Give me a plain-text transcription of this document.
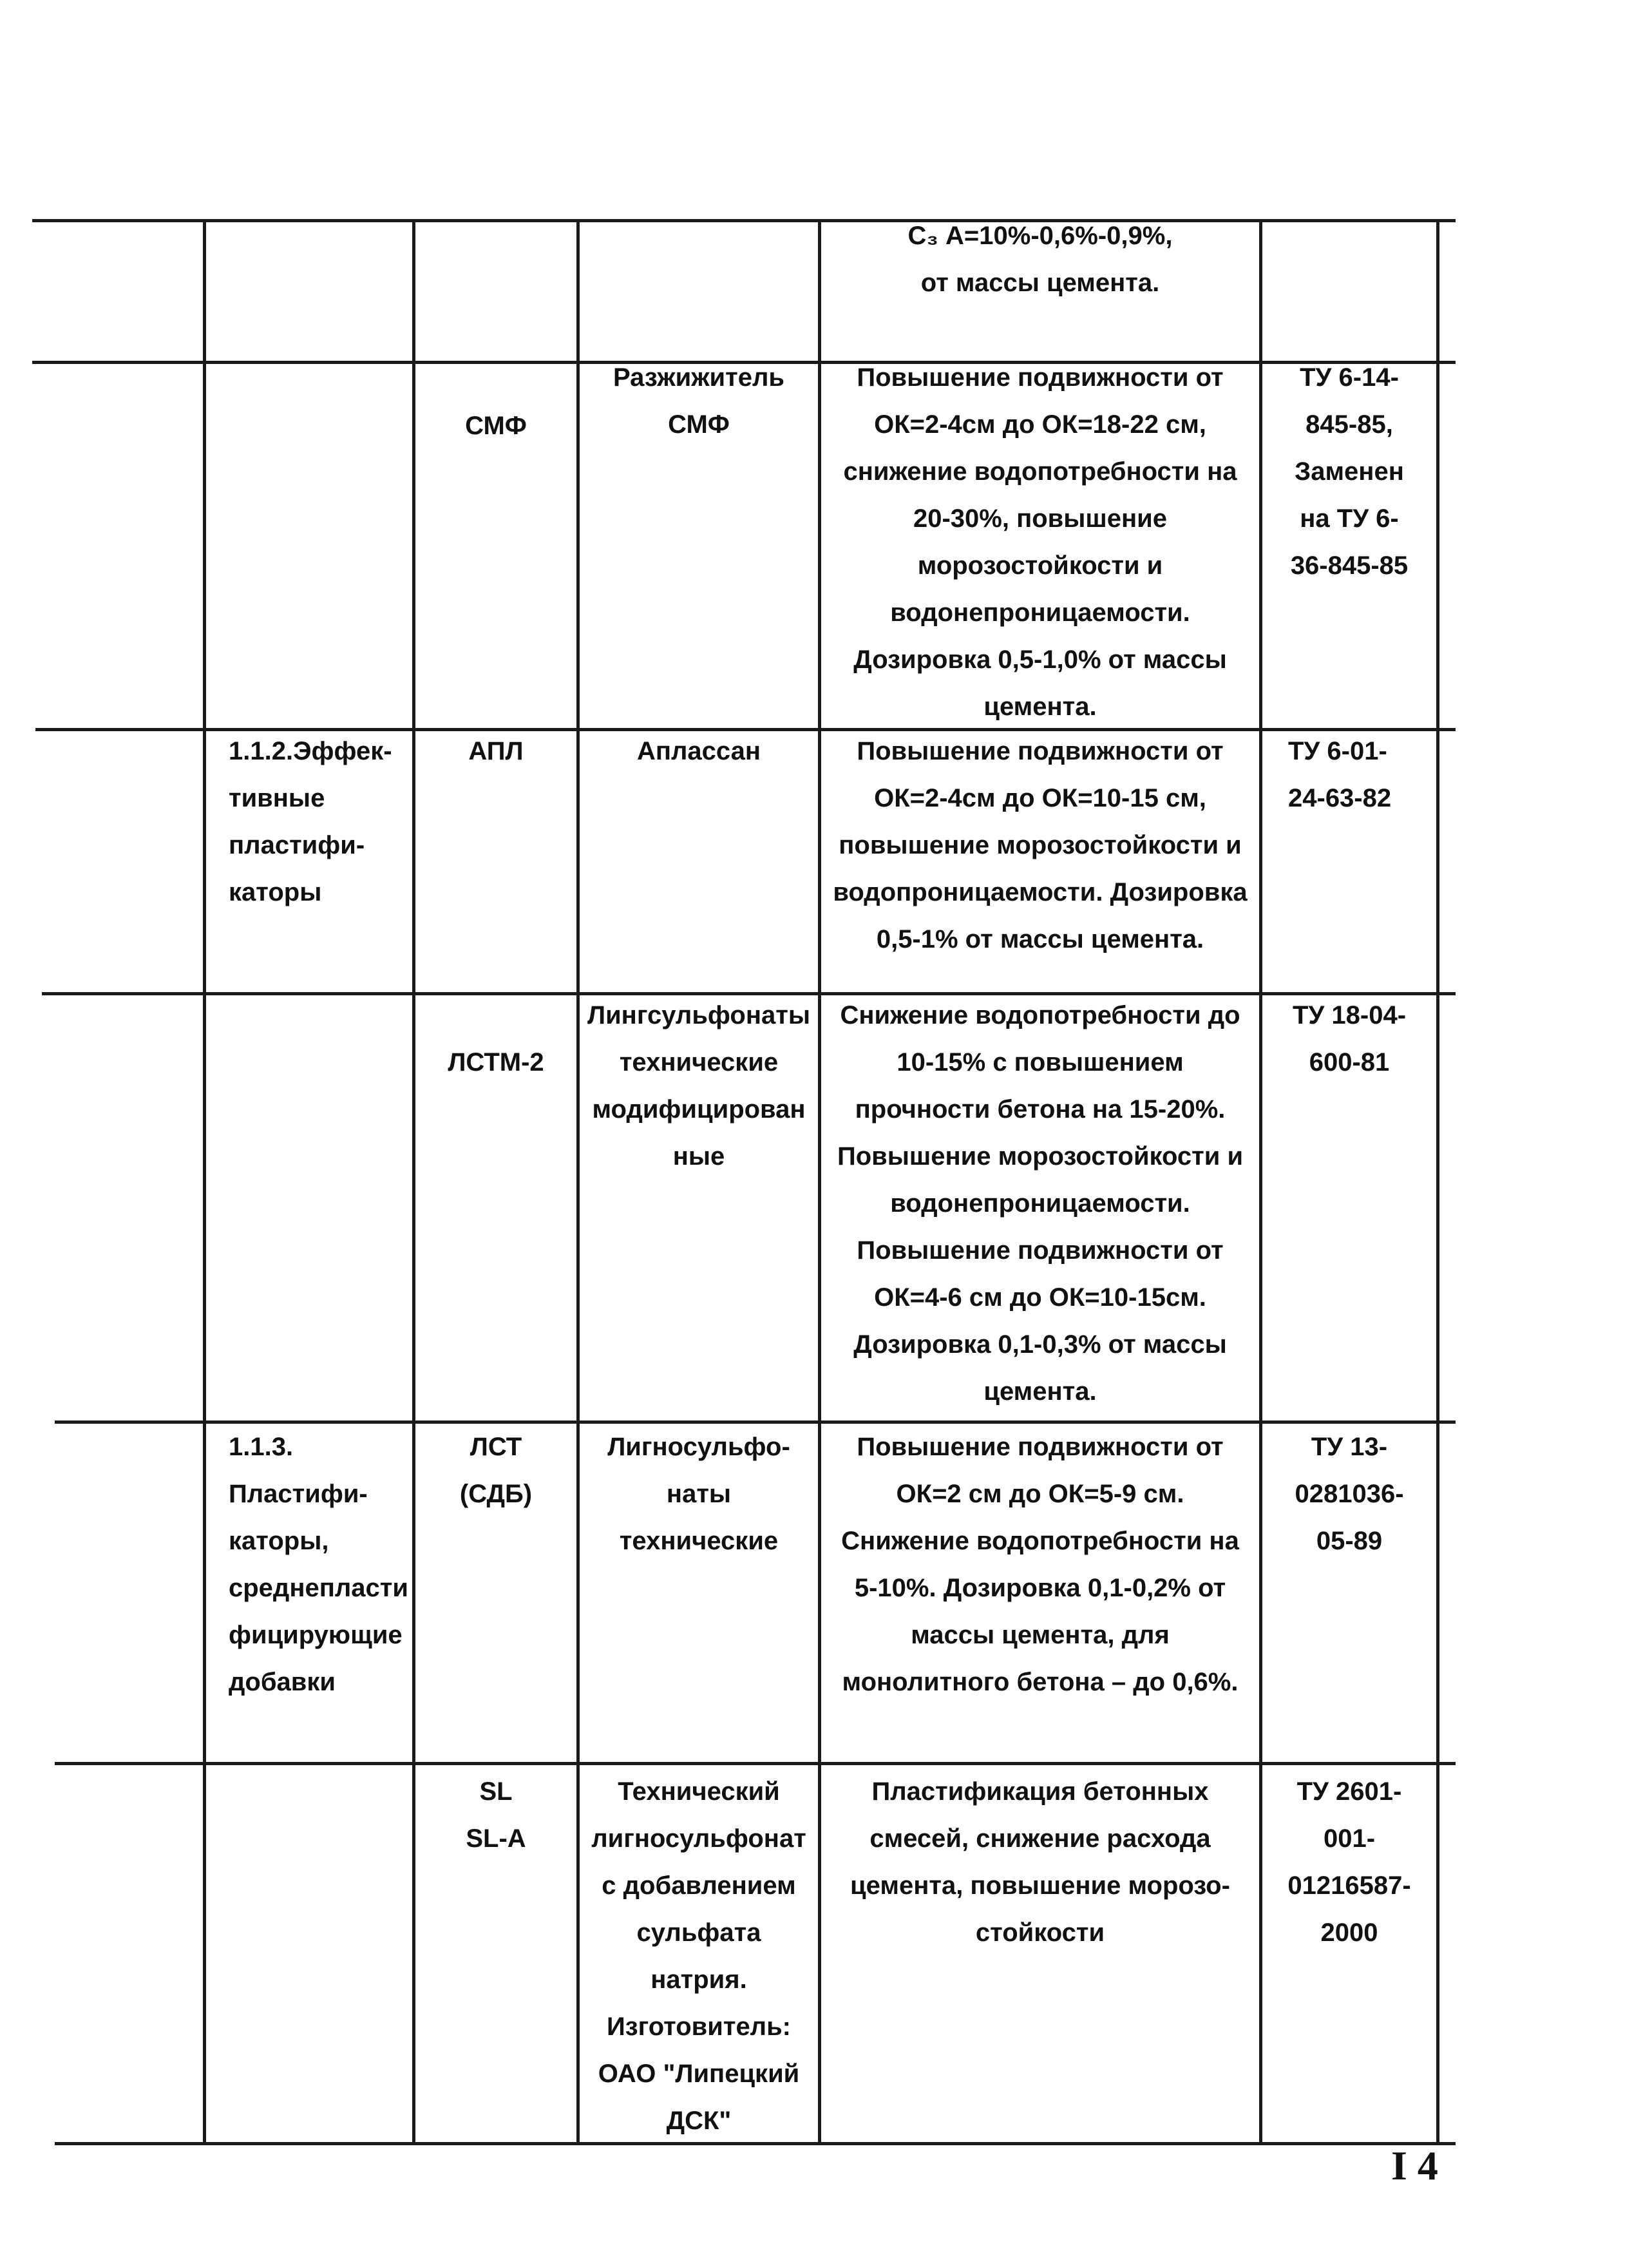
С₃ А=10%-0,6%-0,9%,
от массы цемента.
СМФ
Разжижитель
СМФ
Повышение подвижности от
ОК=2-4см до ОК=18-22 см,
снижение водопотребности на
20-30%, повышение
морозостойкости и
водонепроницаемости.
Дозировка 0,5-1,0% от массы
цемента.
ТУ 6-14-
845-85,
Заменен
на ТУ 6-
36-845-85
1.1.2.Эффек-
тивные
пластифи-
каторы
АПЛ	Аплассан	Повышение подвижности от
ОК=2-4см до ОК=10-15 см,
повышение морозостойкости и
водопроницаемости. Дозировка
0,5-1% от массы цемента.
ТУ 6-01-
24-63-82

ЛСТМ-2
Лингсульфонаты
технические
модифицирован
ные
Снижение водопотребности до
10-15% с повышением
прочности бетона на 15-20%.
Повышение морозостойкости и
водонепроницаемости.
Повышение подвижности от
ОК=4-6 см до ОК=10-15см.
Дозировка 0,1-0,3% от массы
цемента.
ТУ 18-04-
600-81
1.1.3.
Пластифи-
каторы,
среднепласти
фицирующие
добавки
ЛСТ
(СДБ)
Лигносульфо-
наты
технические
Повышение подвижности от
ОК=2 см до ОК=5-9 см.
Снижение водопотребности на
5-10%. Дозировка 0,1-0,2% от
массы цемента, для
монолитного бетона – до 0,6%.
ТУ 13-
0281036-
05-89
SL
SL-A
Технический
лигносульфонат
с добавлением
сульфата
натрия.
Изготовитель:
ОАО "Липецкий
ДСК"
Пластификация бетонных
смесей, снижение расхода
цемента, повышение морозо-
стойкости
ТУ 2601-
001-
01216587-
2000
I 4
